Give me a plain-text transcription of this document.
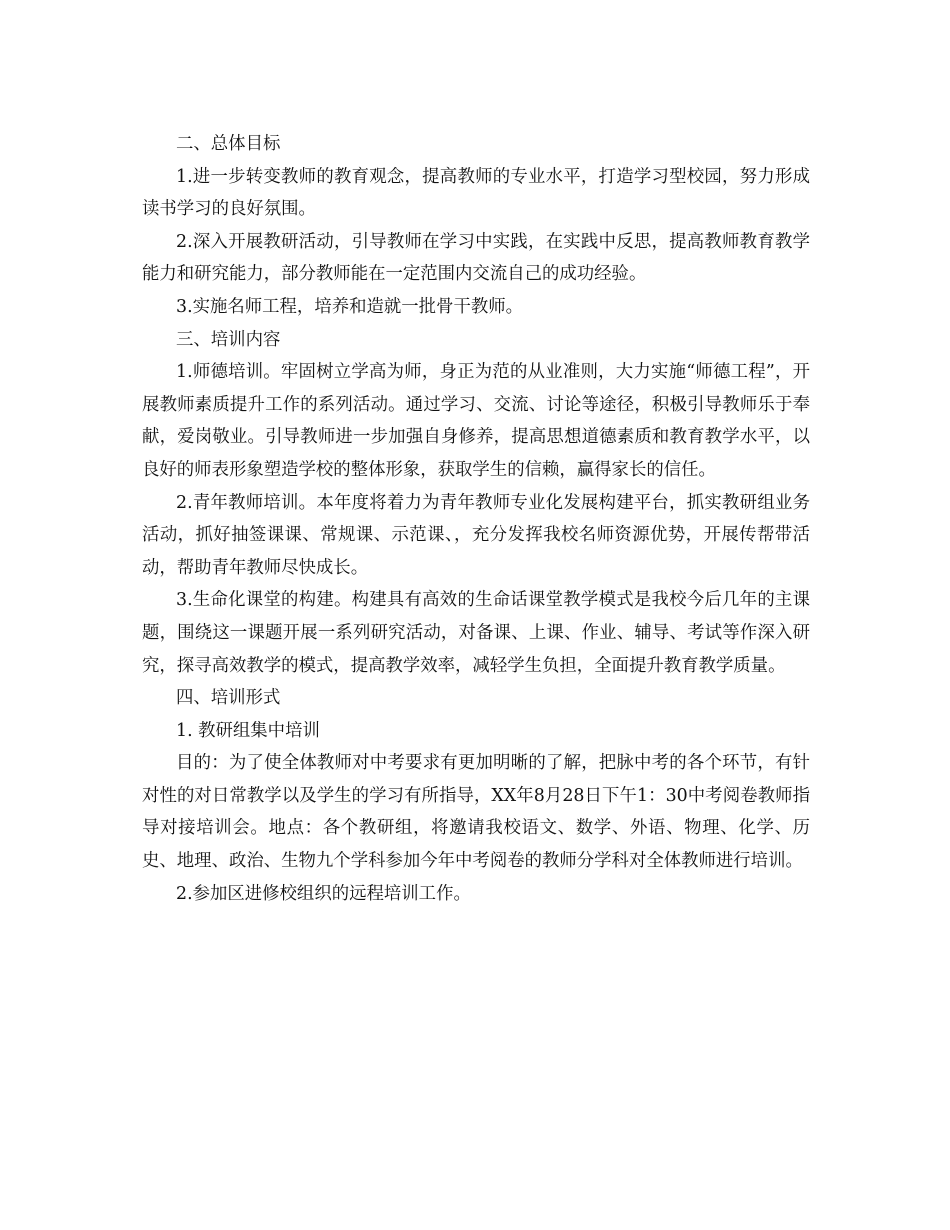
二、总体目标

1.进一步转变教师的教育观念，提高教师的专业水平，打造学习型校园，努力形成读书学习的良好氛围。

2.深入开展教研活动，引导教师在学习中实践，在实践中反思，提高教师教育教学能力和研究能力，部分教师能在一定范围内交流自己的成功经验。

3.实施名师工程，培养和造就一批骨干教师。

三、培训内容

1.师德培训。牢固树立学高为师，身正为范的从业准则，大力实施“师德工程”，开展教师素质提升工作的系列活动。通过学习、交流、讨论等途径，积极引导教师乐于奉献，爱岗敬业。引导教师进一步加强自身修养，提高思想道德素质和教育教学水平，以良好的师表形象塑造学校的整体形象，获取学生的信赖，赢得家长的信任。

2.青年教师培训。本年度将着力为青年教师专业化发展构建平台，抓实教研组业务活动，抓好抽签课课、常规课、示范课、，充分发挥我校名师资源优势，开展传帮带活动，帮助青年教师尽快成长。

3.生命化课堂的构建。构建具有高效的生命话课堂教学模式是我校今后几年的主课题，围绕这一课题开展一系列研究活动，对备课、上课、作业、辅导、考试等作深入研究，探寻高效教学的模式，提高教学效率，减轻学生负担，全面提升教育教学质量。

四、培训形式

1. 教研组集中培训

目的：为了使全体教师对中考要求有更加明晰的了解，把脉中考的各个环节，有针对性的对日常教学以及学生的学习有所指导，XX年8月28日下午1：30中考阅卷教师指导对接培训会。地点：各个教研组，将邀请我校语文、数学、外语、物理、化学、历史、地理、政治、生物九个学科参加今年中考阅卷的教师分学科对全体教师进行培训。

2.参加区进修校组织的远程培训工作。
